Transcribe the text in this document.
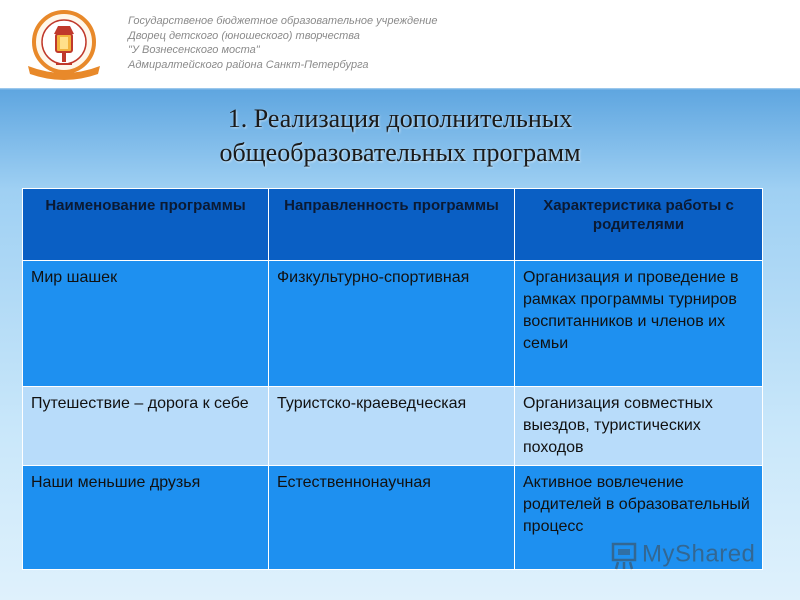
Государственое бюджетное образовательное учреждение
Дворец детского (юношеского) творчества
"У Вознесенского моста"
Адмиралтейского района Санкт-Петербурга
1. Реализация дополнительных
общеобразовательных программ
Наименование программы	Направленность программы	Характеристика работы с родителями
Мир шашек	Физкультурно-спортивная	Организация и проведение в рамках программы турниров воспитанников и членов их семьи
Путешествие – дорога к себе	Туристско-краеведческая	Организация совместных выездов, туристических походов
Наши меньшие друзья	Естественнонаучная	Активное вовлечение родителей в образовательный процесс
MyShared
